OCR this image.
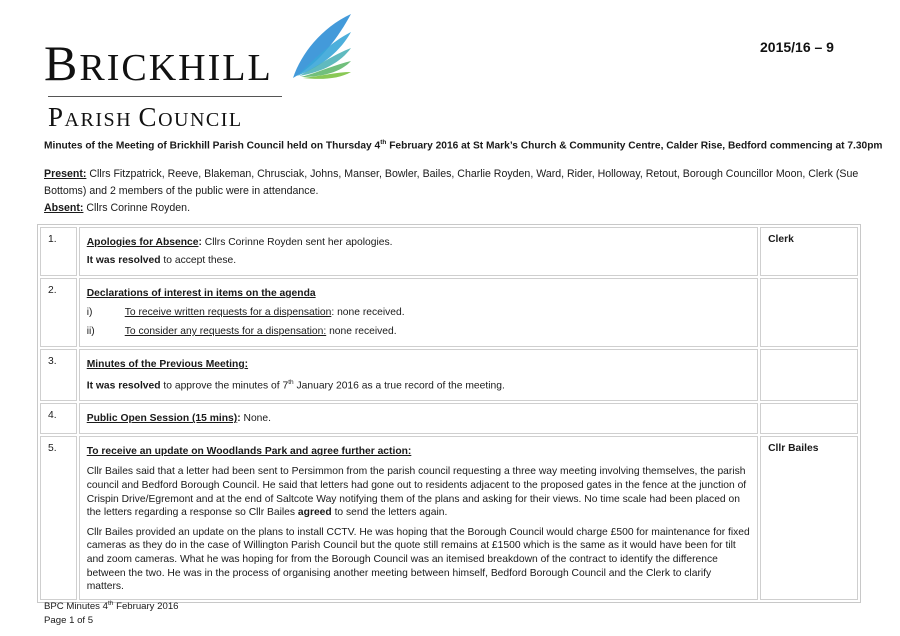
BRICKHILL
PARISH COUNCIL
2015/16 – 9
Minutes of the Meeting of Brickhill Parish Council held on Thursday 4th February 2016 at St Mark’s Church & Community Centre, Calder Rise, Bedford commencing at 7.30pm
Present: Cllrs Fitzpatrick, Reeve, Blakeman, Chrusciak, Johns, Manser, Bowler, Bailes, Charlie Royden, Ward, Rider, Holloway, Retout, Borough Councillor Moon, Clerk (Sue Bottoms) and 2 members of the public were in attendance.
Absent: Cllrs Corinne Royden.
1.	Apologies for Absence: Cllrs Corinne Royden sent her apologies.
It was resolved to accept these.	Clerk
2.	Declarations of interest in items on the agenda
i) To receive written requests for a dispensation: none received.
ii) To consider any requests for a dispensation: none received.	

3.	Minutes of the Previous Meeting:
It was resolved to approve the minutes of 7th January 2016 as a true record of the meeting.	

4.	Public Open Session (15 mins): None.	

5.	To receive an update on Woodlands Park and agree further action:
Cllr Bailes said that a letter had been sent to Persimmon from the parish council requesting a three way meeting involving themselves, the parish council and Bedford Borough Council. He said that letters had gone out to residents adjacent to the proposed gates in the fence at the junction of Crispin Drive/Egremont and at the end of Saltcote Way notifying them of the plans and asking for their views. No time scale had been placed on the letters regarding a response so Cllr Bailes agreed to send the letters again.
Cllr Bailes provided an update on the plans to install CCTV. He was hoping that the Borough Council would charge £500 for maintenance for fixed cameras as they do in the case of Willington Parish Council but the quote still remains at £1500 which is the same as it would have been for tilt and zoom cameras. What he was hoping for from the Borough Council was an itemised breakdown of the contract to identify the difference between the two. He was in the process of organising another meeting between himself, Bedford Borough Council and the Clerk to clarify matters.	Cllr Bailes
BPC Minutes 4th February 2016
Page 1 of 5
